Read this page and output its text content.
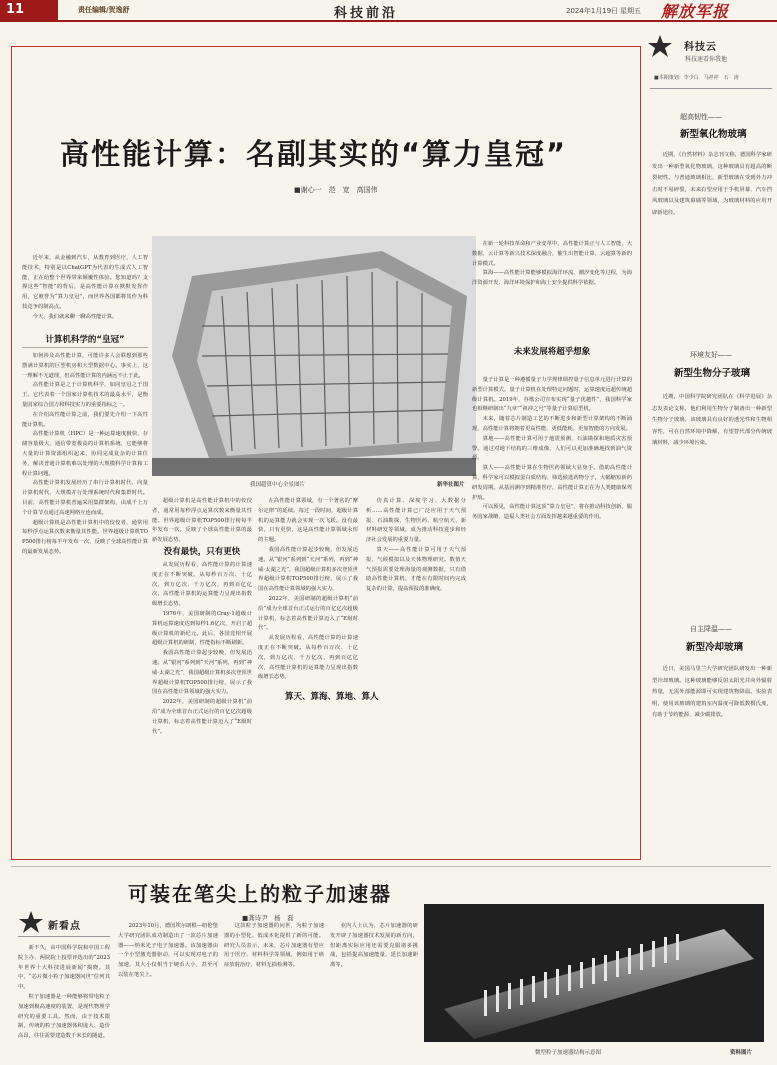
11	责任编辑/贺逸舒	科技前沿	2024年1月19日 星期五 解放军报
高性能计算：名副其实的“算力皇冠”
■谢心一　范　宽　高国伟

近年来，从金融到汽车，从教育到医疗，人工智能技术，特别是以ChatGPT为代表的生成式人工智能，正在给整个世界带来颠覆性体验。您知道吗？支撑这些“智能”的背后，是高性能计算在默默发挥作用，它被誉为“算力皇冠”，而世界各国都将其作为科技竞争的制高点。

今天，我们就来聊一聊高性能计算。

计算机科学的“皇冠”

如何涉及高性能计算，可能许多人会联想到那些摆满计算机的巨型机房和大型数据中心。事实上，这一理解不无道理，但高性能计算的内涵远不止于此。

高性能计算是之于计算机科学，如同皇冠之于国王。它代表着一个国家计算机技术的最高水平，是衡量国家综合国力和科技实力的重要指标之一。

在介绍高性能计算之前，我们要先介绍一下高性能计算机。

高性能计算机（HPC）是一种运算速度极快、存储容量极大、通信带宽极高的计算机系统，它能够将大量的计算资源组织起来，协同完成复杂的计算任务，解决普通计算机难以处理的大规模科学计算和工程计算问题。

高性能计算机发展经历了串行计算机时代、向量计算机时代、大规模并行处理系统时代和集群时代。目前，高性能计算机普遍采用集群架构，由成千上万个计算节点通过高速网络互连而成。

超级计算机是高性能计算机中的佼佼者，通常用每秒浮点运算次数来衡量其性能。世界超级计算机TOP500排行榜每半年发布一次，反映了全球高性能计算的最新发展态势。

我国超算中心全景图片	新华社图片

超级计算机是高性能计算机中的佼佼者，通常用每秒浮点运算次数来衡量其性能。世界超级计算机TOP500排行榜每半年发布一次，反映了全球高性能计算的最新发展态势。

没有最快，只有更快

从发展历程看，高性能计算的计算速度正在不断突破。从每秒百万次、十亿次，到万亿次、千万亿次，再到百亿亿次，高性能计算机的运算能力呈现出指数级增长态势。

1976年，美国研制的Cray-1超级计算机运算速度达到每秒1.6亿次，开启了超级计算机的新纪元。此后，各国竞相开展超级计算机的研制，性能指标不断刷新。

我国高性能计算起步较晚，但发展迅速。从“银河”系列到“天河”系列，再到“神威·太湖之光”，我国超级计算机多次登顶世界超级计算机TOP500排行榜，展示了我国在高性能计算领域的强大实力。

2022年，美国研制的超级计算机“前沿”成为全球首台正式运行的百亿亿次超级计算机，标志着高性能计算迈入了“E级时代”。

在高性能计算领域，有一个著名的“摩尔定律”的延续。每过一段时间，超级计算机的运算能力就会实现一次飞跃。没有最快，只有更快，这是高性能计算领域永恒的主题。

我国高性能计算起步较晚，但发展迅速。从“银河”系列到“天河”系列，再到“神威·太湖之光”，我国超级计算机多次登顶世界超级计算机TOP500排行榜，展示了我国在高性能计算领域的强大实力。

2022年，美国研制的超级计算机“前沿”成为全球首台正式运行的百亿亿次超级计算机，标志着高性能计算迈入了“E级时代”。

从发展历程看，高性能计算的计算速度正在不断突破。从每秒百万次、十亿次，到万亿次、千万亿次，再到百亿亿次，高性能计算机的运算能力呈现出指数级增长态势。

仿真计算、深度学习、大数据分析……高性能计算已广泛应用于天气预报、石油勘探、生物医药、航空航天、新材料研发等领域，成为推动科技进步和经济社会发展的重要力量。

算天——高性能计算可用于天气预报、气候模拟以及天体物理研究。数值天气预报需要处理海量的观测数据，只有借助高性能计算机，才能在有限时间内完成复杂的计算，提高预报的准确度。

算天、算海、算地、算人

在新一轮科技革命和产业变革中，高性能计算正与人工智能、大数据、云计算等新兴技术深度融合，催生出智能计算、云超算等新的计算模式。

算海——高性能计算能够模拟海洋环流、潮汐变化等过程，为海洋资源开发、海洋环境保护和海上安全提供科学依据。

未来发展将超乎想象

量子计算是一种遵循量子力学规律调控量子信息单元进行计算的新型计算模式。量子计算机在处理特定问题时，运算速度远超传统超级计算机。2019年，谷歌公司宣布实现“量子优越性”，我国科学家也相继研制出“九章”“祖冲之号”等量子计算原型机。

未来，随着芯片制造工艺的不断进步和新型计算架构的不断涌现，高性能计算将朝着更高性能、更低能耗、更加智能的方向发展。

算地——高性能计算可用于地震预测、石油勘探和地质灾害预警。通过对地下结构的三维成像，人们可以更加准确地找到油气资源。

算人——高性能计算在生物医药领域大显身手。借助高性能计算，科学家可以模拟蛋白质结构、筛选候选药物分子，大幅缩短新药研发周期。从基因测序到精准医疗，高性能计算正在为人类健康保驾护航。

可以预见，高性能计算这顶“算力皇冠”，将在推动科技创新、服务国家战略、造福人类社会方面发挥越来越重要的作用。

科技云
科技速看你我他
■本期策划：李少白　马祥祥　石　涛
超高韧性——
新型氧化物玻璃

近期，《自然材料》杂志刊文称，德国科学家研发出一种新型氧化物玻璃，这种玻璃具有超高的断裂韧性。与普通玻璃相比，新型玻璃在受到外力冲击时不易碎裂，未来有望应用于手机屏幕、汽车挡风玻璃以及建筑幕墙等领域，为玻璃材料的应用开辟新途径。

环境友好——
新型生物分子玻璃

近期，中国科学院研究团队在《科学进展》杂志发表论文称，他们利用生物分子制备出一种新型生物分子玻璃。该玻璃具有良好的透光性和生物相容性，可在自然环境中降解，有望替代部分传统玻璃材料，减少环境污染。

自主降温——
新型冷却玻璃

近日，美国马里兰大学研究团队研发出一种新型冷却玻璃。这种玻璃能够反射太阳光并向外辐射热量，无需外部能源即可实现建筑物降温。实验表明，使用该玻璃的建筑室内温度可降低数摄氏度，有助于节约能源、减少碳排放。

可装在笔尖上的粒子加速器
■龚诗尹　杨　磊
新看点

新不久，由中国科学院和中国工程院主办、两院院士投票评选出的“2023年世界十大科技进展新闻”揭晓。其中，“芯片微小粒子加速器问世”位列其中。

粒子加速器是一种能够将带电粒子加速到极高速度的装置，是现代物理学研究的重要工具。然而，由于技术限制，传统的粒子加速器体积庞大、造价高昂，往往需要建造数千米长的隧道。

2023年10月，德国埃尔朗根—纽伦堡大学研究团队成功制造出了一款芯片加速器——纳米光子电子加速器。该加速器由一个小型激光器驱动，可以实现对电子的加速，其大小仅相当于硬币大小，甚至可以装在笔尖上。

这款粒子加速器的问世，为粒子加速器的小型化、低成本化提供了新的可能。研究人员表示，未来，芯片加速器有望应用于医疗、材料科学等领域，例如用于癌症放射治疗、材料无损检测等。

业内人士认为，芯片加速器的研发开辟了加速器技术发展的新方向，但距离实际应用还需要克服诸多挑战，包括提高加速能量、延长加速距离等。

微型粒子加速器结构示意图	资料图片
